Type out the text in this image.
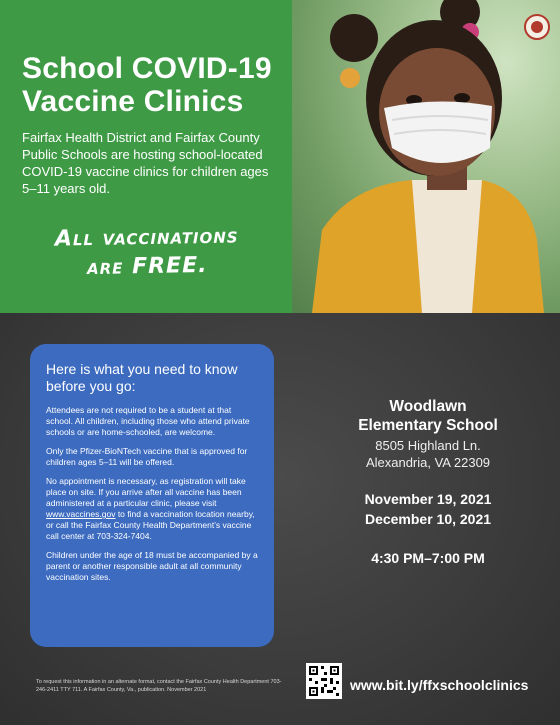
School COVID-19
Vaccine Clinics
Fairfax Health District and Fairfax County Public Schools are hosting school-located COVID-19 vaccine clinics for children ages 5–11 years old.
All vaccinations
are FREE.
Here is what you need to know before you go:

Attendees are not required to be a student at that school. All children, including those who attend private schools or are home-schooled, are welcome.

Only the Pfizer-BioNTech vaccine that is approved for children ages 5–11 will be offered.

No appointment is necessary, as registration will take place on site. If you arrive after all vaccine has been administered at a particular clinic, please visit www.vaccines.gov to find a vaccination location nearby, or call the Fairfax County Health Department’s vaccine call center at 703-324-7404.

Children under the age of 18 must be accompanied by a parent or another responsible adult at all community vaccination sites.

Woodlawn
Elementary School
8505 Highland Ln.
Alexandria, VA 22309
November 19, 2021
December 10, 2021
4:30 PM–7:00 PM
To request this information in an alternate format, contact the Fairfax County Health Department 703-246-2411 TTY 711. A Fairfax County, Va., publication. November 2021	www.bit.ly/ffxschoolclinics
